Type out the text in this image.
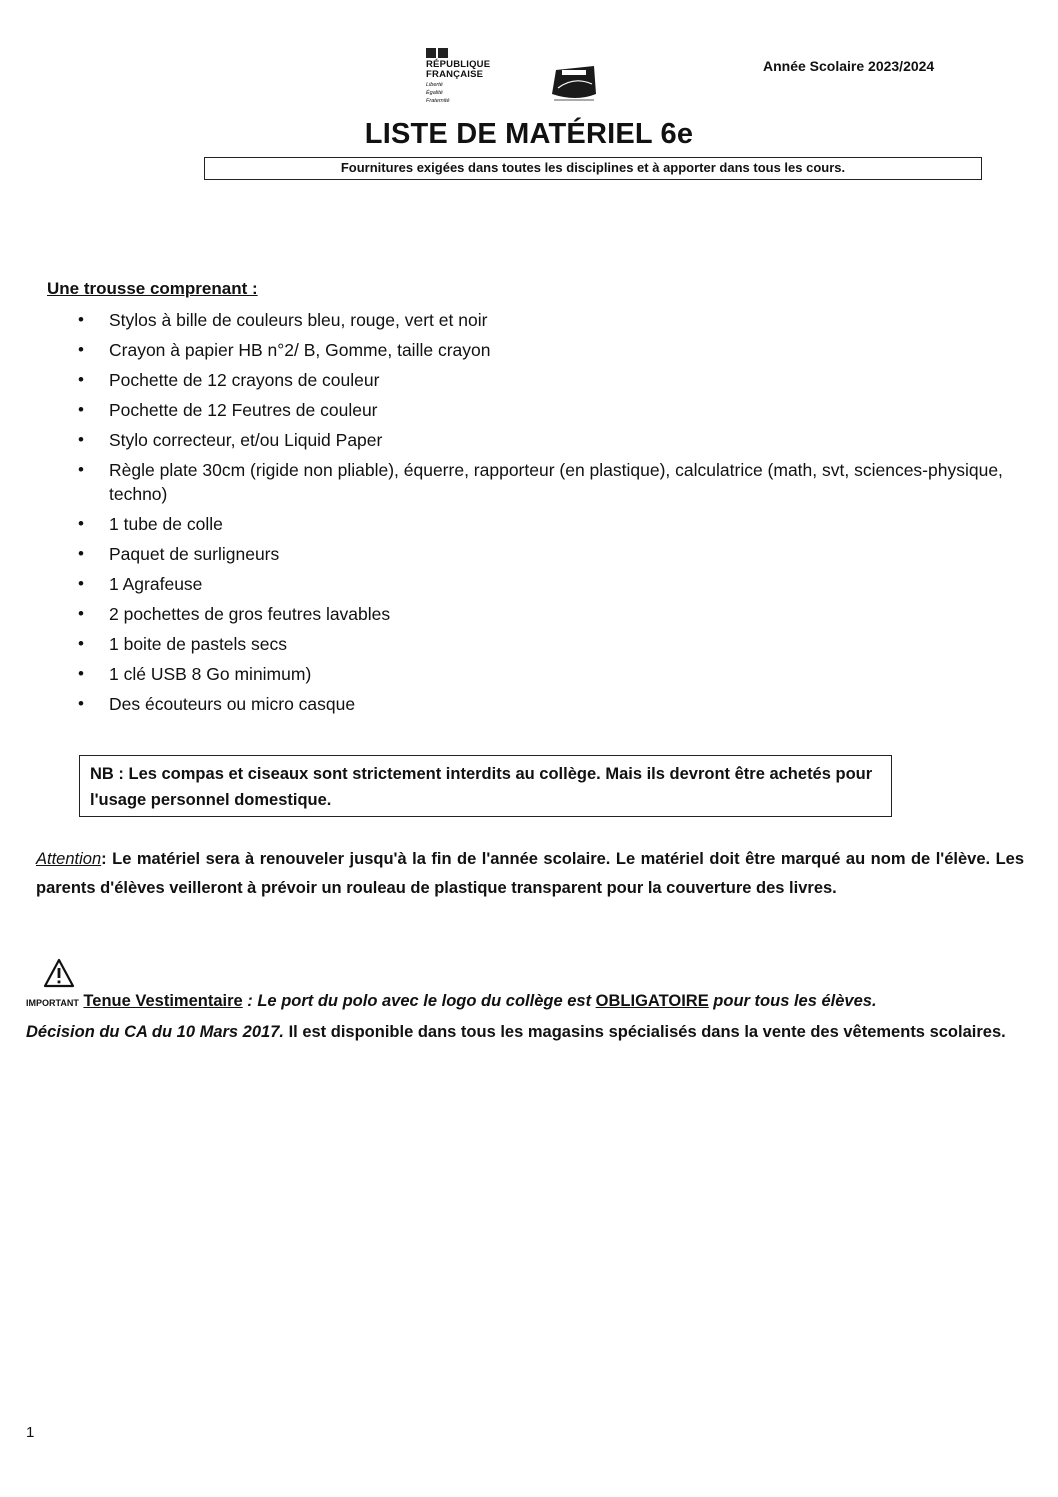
RÉPUBLIQUE
FRANÇAISE
Liberté
Égalité
Fraternité
Année Scolaire 2023/2024
LISTE DE MATÉRIEL 6e
Fournitures exigées dans toutes les disciplines et à apporter dans tous les cours.
Une trousse comprenant :
• Stylos à bille de couleurs bleu, rouge, vert et noir
• Crayon à papier HB n°2/ B, Gomme, taille crayon
• Pochette de 12 crayons de couleur
• Pochette de 12 Feutres de couleur
• Stylo correcteur, et/ou Liquid Paper
• Règle plate 30cm (rigide non pliable), équerre, rapporteur (en plastique), calculatrice (math, svt, sciences-physique, techno)
• 1 tube de colle
• Paquet de surligneurs
• 1 Agrafeuse
• 2 pochettes de gros feutres lavables
• 1 boite de pastels secs
• 1 clé USB 8 Go minimum)
• Des écouteurs ou micro casque
NB : Les compas et ciseaux sont strictement interdits au collège. Mais ils devront être achetés pour l'usage personnel domestique.
Attention: Le matériel sera à renouveler jusqu'à la fin de l'année scolaire. Le matériel doit être marqué au nom de l'élève. Les parents d'élèves veilleront à prévoir un rouleau de plastique transparent pour la couverture des livres.
IMPORTANT Tenue Vestimentaire : Le port du polo avec le logo du collège est OBLIGATOIRE pour tous les élèves.
Décision du CA du 10 Mars 2017. Il est disponible dans tous les magasins spécialisés dans la vente des vêtements scolaires.
1
